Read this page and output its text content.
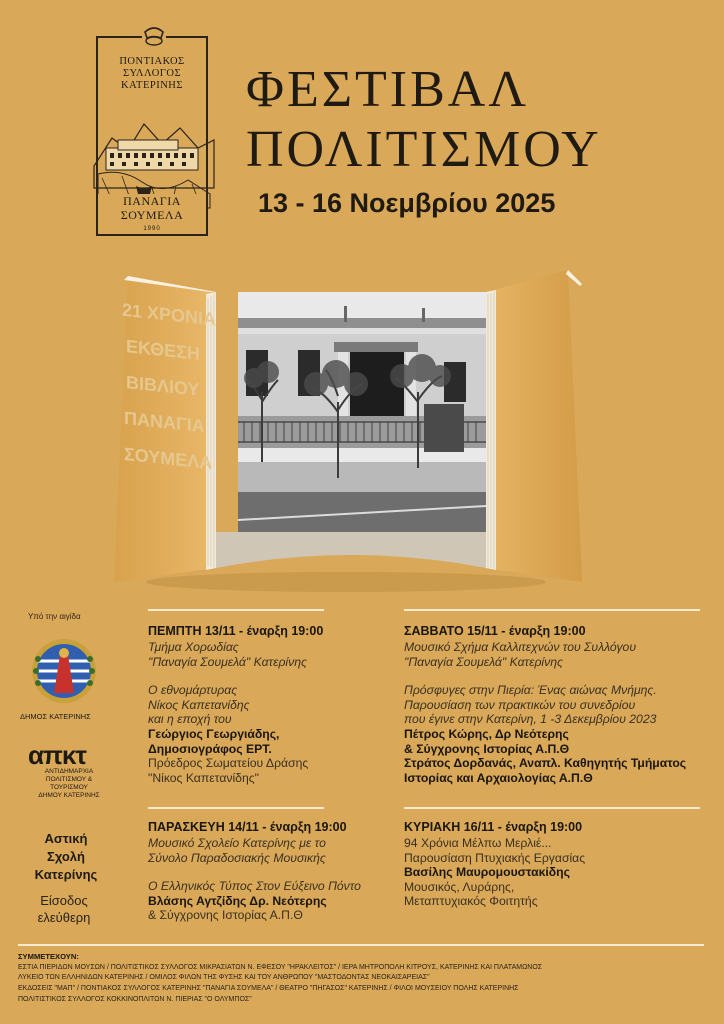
ΠΟΝΤΙΑΚΟΣ
ΣΥΛΛΟΓΟΣ
ΚΑΤΕΡΙΝΗΣ
ΠΑΝΑΓΙΑ
ΣΟΥΜΕΛΑ
1990
ΦΕΣΤΙΒΑΛ
ΠΟΛΙΤΙΣΜΟΥ
13 - 16 Νοεμβρίου 2025
21 ΧΡΟΝΙΑ
ΕΚΘΕΣΗ
ΒΙΒΛΙΟΥ
ΠΑΝΑΓΙΑ
ΣΟΥΜΕΛΑ
Υπό την αιγίδα
ΔΗΜΟΣ ΚΑΤΕΡΙΝΗΣ
απκτ
ΑΝΤΙΔΗΜΑΡΧΙΑ
ΠΟΛΙΤΙΣΜΟΥ &
ΤΟΥΡΙΣΜΟΥ
ΔΗΜΟΥ ΚΑΤΕΡΙΝΗΣ
Αστική
Σχολή
Κατερίνης
Είσοδος
ελεύθερη
ΠΕΜΠΤΗ 13/11 - έναρξη 19:00
Τμήμα Χορωδίας
"Παναγία Σουμελά" Κατερίνης
Ο εθνομάρτυρας
Νίκος Καπετανίδης
και η εποχή του
Γεώργιος Γεωργιάδης,
Δημοσιογράφος ΕΡΤ.
Πρόεδρος Σωματείου Δράσης
"Νίκος Καπετανίδης"
ΠΑΡΑΣΚΕΥΗ 14/11 - έναρξη 19:00
Μουσικό Σχολείο Κατερίνης με το
Σύνολο Παραδοσιακής Μουσικής
Ο Ελληνικός Τύπος Στον Εύξεινο Πόντο
Βλάσης Αγτζίδης Δρ. Νεότερης
& Σύγχρονης Ιστορίας Α.Π.Θ
ΣΑΒΒΑΤΟ 15/11 - έναρξη 19:00
Μουσικό Σχήμα Καλλιτεχνών του Συλλόγου
"Παναγία Σουμελά" Κατερίνης
Πρόσφυγες στην Πιερία: Ένας αιώνας Μνήμης.
Παρουσίαση των πρακτικών του συνεδρίου
που έγινε στην Κατερίνη, 1 -3 Δεκεμβρίου 2023
Πέτρος Κώρης, Δρ Νεότερης
& Σύγχρονης Ιστορίας Α.Π.Θ
Στράτος Δορδανάς, Αναπλ. Καθηγητής Τμήματος
Ιστορίας και Αρχαιολογίας Α.Π.Θ
ΚΥΡΙΑΚΗ 16/11 - έναρξη 19:00
94 Χρόνια Μέλπω Μερλιέ...
Παρουσίαση Πτυχιακής Εργασίας
Βασίλης Μαυρομουστακίδης
Μουσικός, Λυράρης,
Μεταπτυχιακός Φοιτητής
ΣΥΜΜΕΤΕΧΟΥΝ:
ΕΣΤΙΑ ΠΙΕΡΙΔΩΝ ΜΟΥΣΩΝ / ΠΟΛΙΤΙΣΤΙΚΟΣ ΣΥΛΛΟΓΟΣ ΜΙΚΡΑΣΙΑΤΩΝ Ν. ΕΦΕΣΟΥ "ΗΡΑΚΛΕΙΤΟΣ" / ΙΕΡΑ ΜΗΤΡΟΠΟΛΗ ΚΙΤΡΟΥΣ, ΚΑΤΕΡΙΝΗΣ ΚΑΙ ΠΛΑΤΑΜΩΝΟΣ
ΛΥΚΕΙΟ ΤΩΝ ΕΛΛΗΝΙΔΩΝ ΚΑΤΕΡΙΝΗΣ / ΟΜΙΛΟΣ ΦΙΛΩΝ ΤΗΣ ΦΥΣΗΣ ΚΑΙ ΤΟΥ ΑΝΘΡΩΠΟΥ "ΜΑΣΤΟΔΟΝΤΑΣ ΝΕΟΚΑΙΣΑΡΕΙΑΣ"
ΕΚΔΟΣΕΙΣ "ΜΑΠ" / ΠΟΝΤΙΑΚΟΣ ΣΥΛΛΟΓΟΣ ΚΑΤΕΡΙΝΗΣ "ΠΑΝΑΓΙΑ ΣΟΥΜΕΛΑ" / ΘΕΑΤΡΟ "ΠΗΓΑΣΟΣ" ΚΑΤΕΡΙΝΗΣ / ΦΙΛΟΙ ΜΟΥΣΕΙΟΥ ΠΟΛΗΣ ΚΑΤΕΡΙΝΗΣ
ΠΟΛΙΤΙΣΤΙΚΟΣ ΣΥΛΛΟΓΟΣ ΚΟΚΚΙΝΟΠΛΙΤΩΝ Ν. ΠΙΕΡΙΑΣ "Ο ΟΛΥΜΠΟΣ"
